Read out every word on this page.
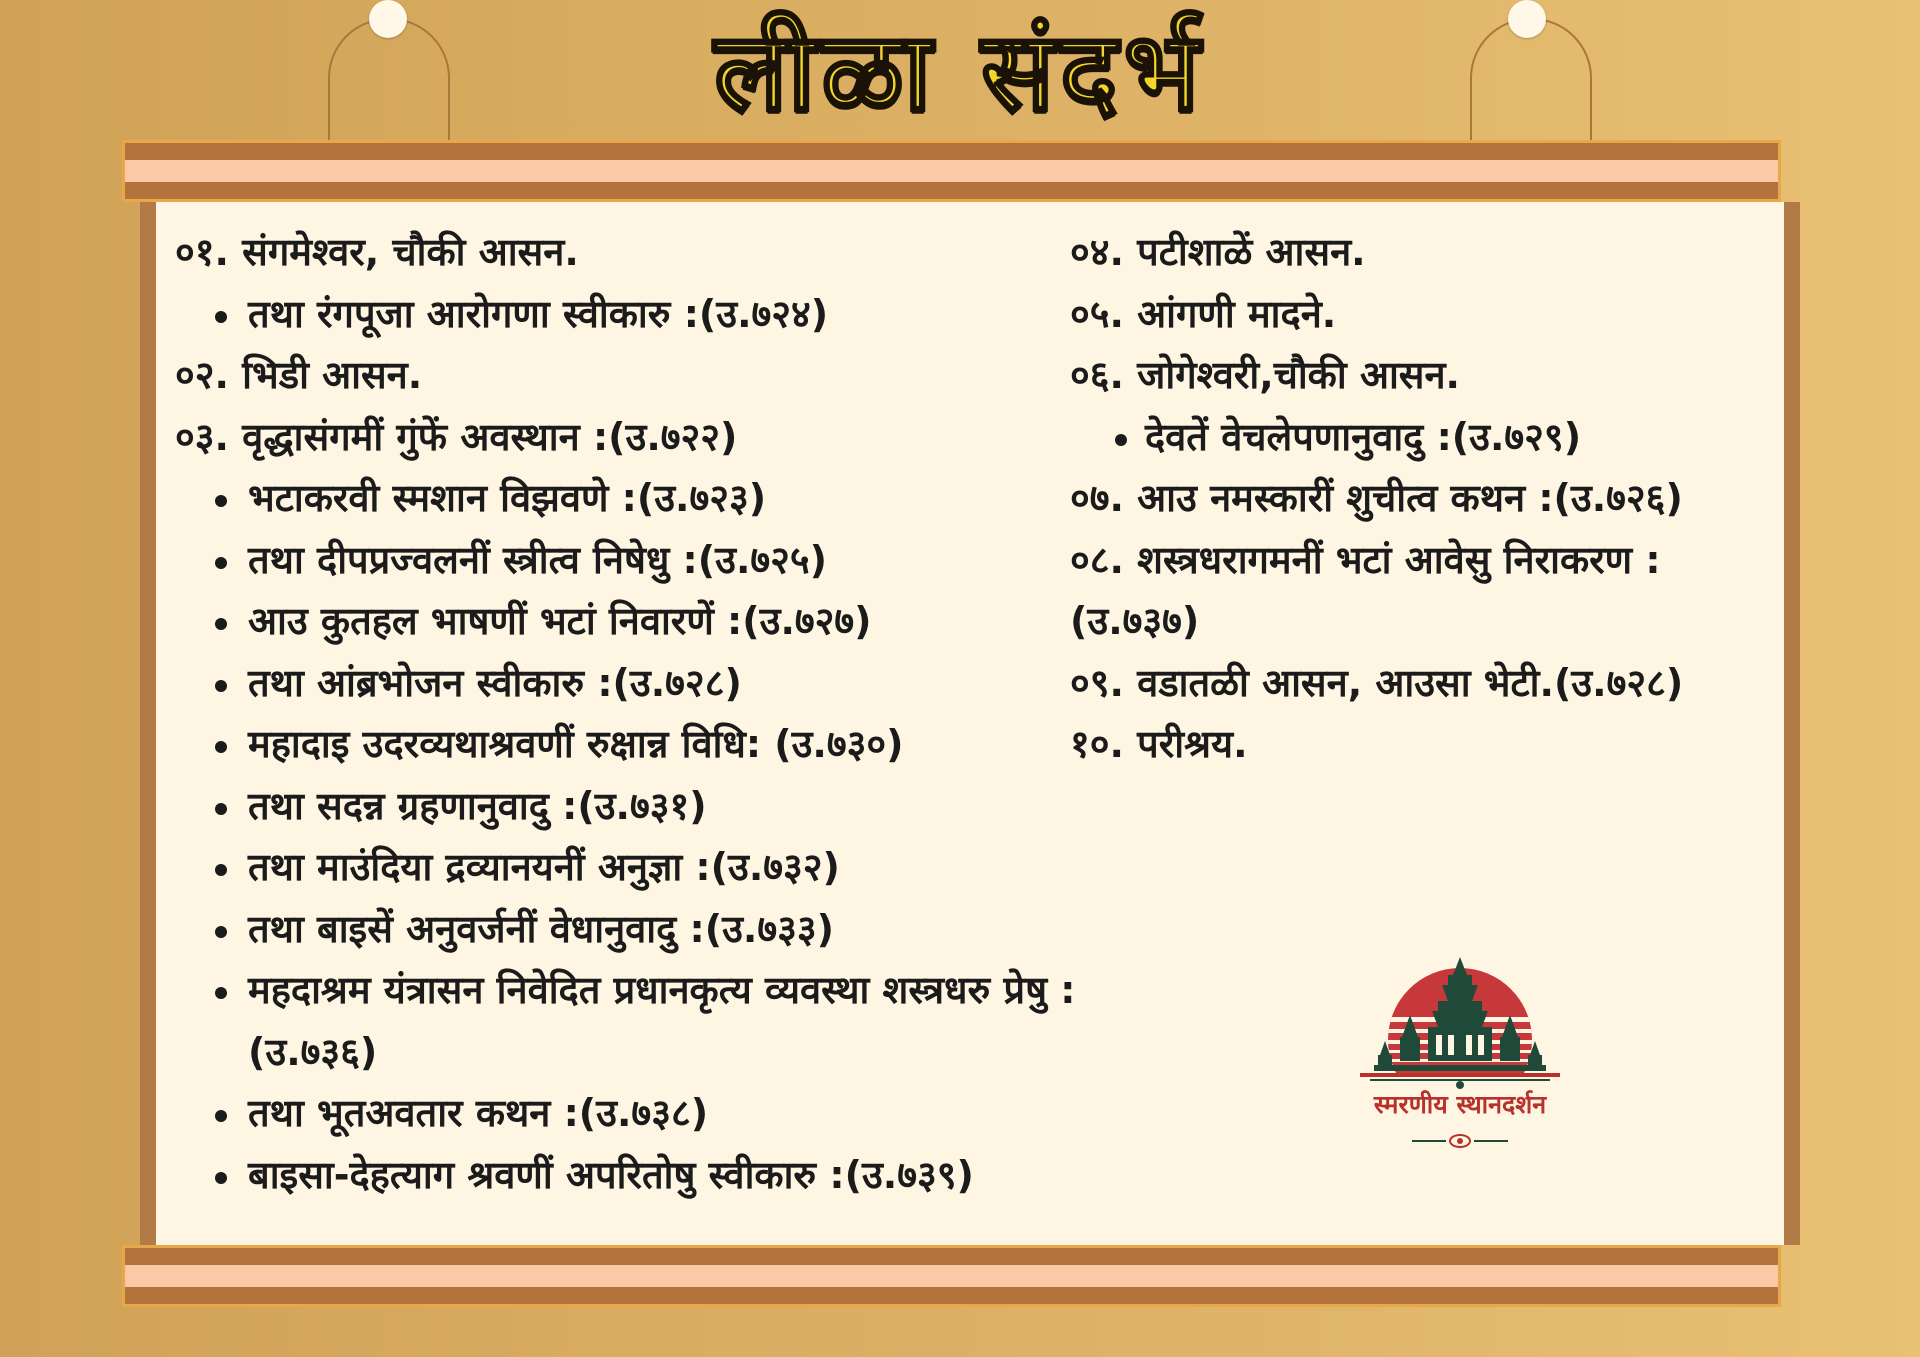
लीळा संदर्भ
०१. संगमेश्वर, चौकी आसन.
तथा रंगपूजा आरोगणा स्वीकारु :(उ.७२४)
०२. भिडी आसन.
०३. वृद्धासंगमीं गुंफें अवस्थान :(उ.७२२)
भटाकरवी स्मशान विझवणे :(उ.७२३)
तथा दीपप्रज्वलनीं स्त्रीत्व निषेधु :(उ.७२५)
आउ कुतहल भाषणीं भटां निवारणें :(उ.७२७)
तथा आंब्रभोजन स्वीकारु :(उ.७२८)
महादाइ उदरव्यथाश्रवणीं रुक्षान्न विधि: (उ.७३०)
तथा सदन्न ग्रहणानुवादु :(उ.७३१)
तथा माउंदिया द्रव्यानयनीं अनुज्ञा :(उ.७३२)
तथा बाइसें अनुवर्जनीं वेधानुवादु :(उ.७३३)
महदाश्रम यंत्रासन निवेदित प्रधानकृत्य व्यवस्था शस्त्रधरु प्रेषु :(उ.७३६)
तथा भूतअवतार कथन :(उ.७३८)
बाइसा-देहत्याग श्रवणीं अपरितोषु स्वीकारु :(उ.७३९)
०४. पटीशाळें आसन.
०५. आंगणी मादने.
०६. जोगेश्वरी,चौकी आसन.
देवतें वेचलेपणानुवादु :(उ.७२९)
०७. आउ नमस्कारीं शुचीत्व कथन :(उ.७२६)
०८. शस्त्रधरागमनीं भटां आवेसु निराकरण :
(उ.७३७)
०९. वडातळी आसन, आउसा भेटी.(उ.७२८)
१०. परीश्रय.
स्मरणीय स्थानदर्शन
